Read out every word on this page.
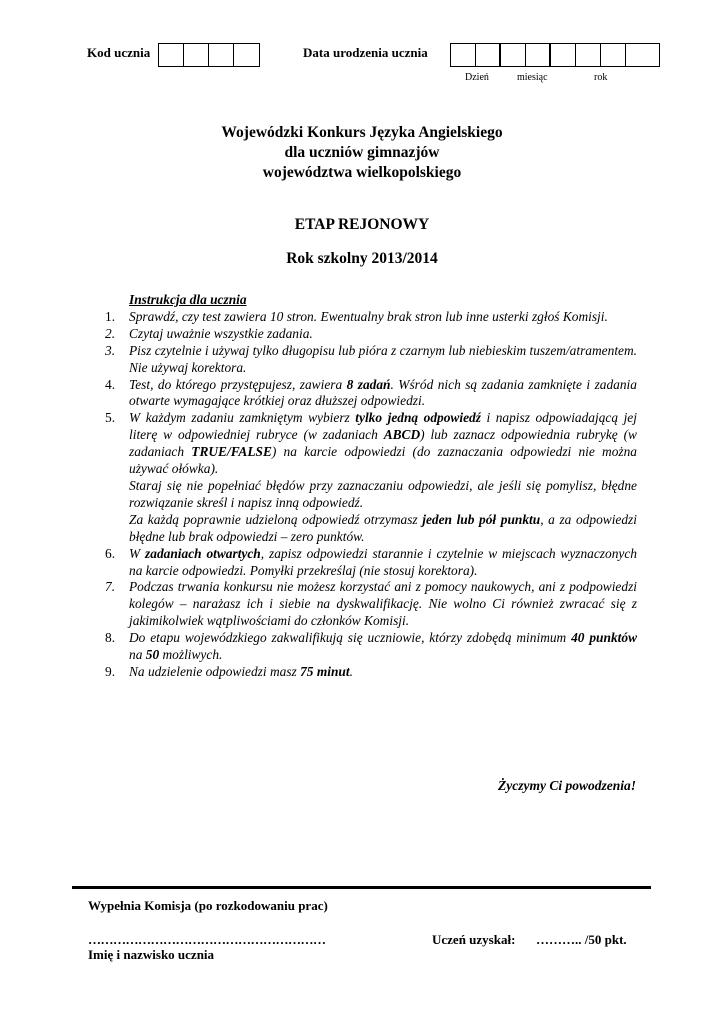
Kod ucznia	Data urodzenia ucznia
Dzień	miesiąc	rok
Wojewódzki Konkurs Języka Angielskiego
dla uczniów gimnazjów
województwa wielkopolskiego
ETAP REJONOWY
Rok szkolny 2013/2014
Instrukcja dla ucznia
1.	Sprawdź, czy test zawiera 10 stron. Ewentualny brak stron lub inne usterki zgłoś Komisji.
2.	Czytaj uważnie wszystkie zadania.
3.	Pisz czytelnie i używaj tylko długopisu lub pióra z czarnym lub niebieskim tuszem/atramentem. Nie używaj korektora.
4.	Test, do którego przystępujesz, zawiera 8 zadań. Wśród nich są zadania zamknięte i zadania otwarte wymagające krótkiej oraz dłuższej odpowiedzi.
5.	W każdym zadaniu zamkniętym wybierz tylko jedną odpowiedź i napisz odpowiadającą jej literę w odpowiedniej rubryce (w zadaniach ABCD) lub zaznacz odpowiednia rubrykę (w zadaniach TRUE/FALSE) na karcie odpowiedzi (do zaznaczania odpowiedzi nie można używać ołówka).
Staraj się nie popełniać błędów przy zaznaczaniu odpowiedzi, ale jeśli się pomylisz, błędne rozwiązanie skreśl i napisz inną odpowiedź.
Za każdą poprawnie udzieloną odpowiedź otrzymasz jeden lub pół punktu, a za odpowiedzi błędne lub brak odpowiedzi – zero punktów.
6.	W zadaniach otwartych, zapisz odpowiedzi starannie i czytelnie w miejscach wyznaczonych na karcie odpowiedzi. Pomyłki przekreślaj (nie stosuj korektora).
7.	Podczas trwania konkursu nie możesz korzystać ani z pomocy naukowych, ani z podpowiedzi kolegów – narażasz ich i siebie na dyskwalifikację. Nie wolno Ci również zwracać się z jakimikolwiek wątpliwościami do członków Komisji.
8.	Do etapu wojewódzkiego zakwalifikują się uczniowie, którzy zdobędą minimum 40 punktów na 50 możliwych.
9.	Na udzielenie odpowiedzi masz 75 minut.
Życzymy Ci powodzenia!
Wypełnia Komisja (po rozkodowaniu prac)
…………………………………………………
Imię i nazwisko ucznia
Uczeń uzyskał: ……….. /50 pkt.
